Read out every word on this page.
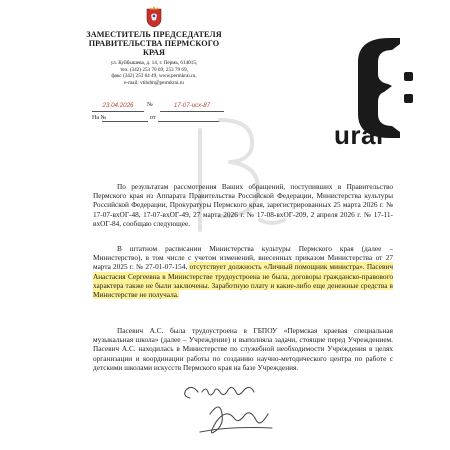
ЗАМЕСТИТЕЛЬ ПРЕДСЕДАТЕЛЯ ПРАВИТЕЛЬСТВА ПЕРМСКОГО КРАЯ
ул. Куйбышева, д. 14, г. Пермь, 614015,
тел. (342) 253 70 69; 253 79 69,
факс (342) 253 64 49, www.permkrai.ru,
e-mail: vtihdm@permkrai.ru
23.04.2026	№	17-07-исх-87
На №	от
ural
По результатам рассмотрения Ваших обращений, поступивших в Правительство Пермского края из Аппарата Правительства Российской Федерации, Министерства культуры Российской Федерации, Прокуратуры Пермского края, зарегистрированных 25 марта 2026 г. № 17-07-вхОГ-48, 17-07-вхОГ-49, 27 марта 2026 г. № 17-08-вхОГ-209, 2 апреля 2026 г. № 17-11-вхОГ-84, сообщаю следующее.
В штатном расписании Министерства культуры Пермского края (далее – Министерство), в том числе с учетом изменений, внесенных приказом Министерства от 27 марта 2025 г. № 27-01-07-154, отсутствует должность «Личный помощник министра». Пасевич Анастасия Сергеевна в Министерстве трудоустроена не была, договоры гражданско-правового характера также не были заключены. Заработную плату и какие-либо еще денежные средства в Министерстве не получала.
Пасевич А.С. была трудоустроена в ГБПОУ «Пермская краевая специальная музыкальная школа» (далее – Учреждение) и выполняла задачи, стоящие перед Учреждением. Пасевич А.С. находилась в Министерстве по служебной необходимости Учреждения в целях организации и координации работы по созданию научно-методического центра по работе с детскими школами искусств Пермского края на базе Учреждения.
